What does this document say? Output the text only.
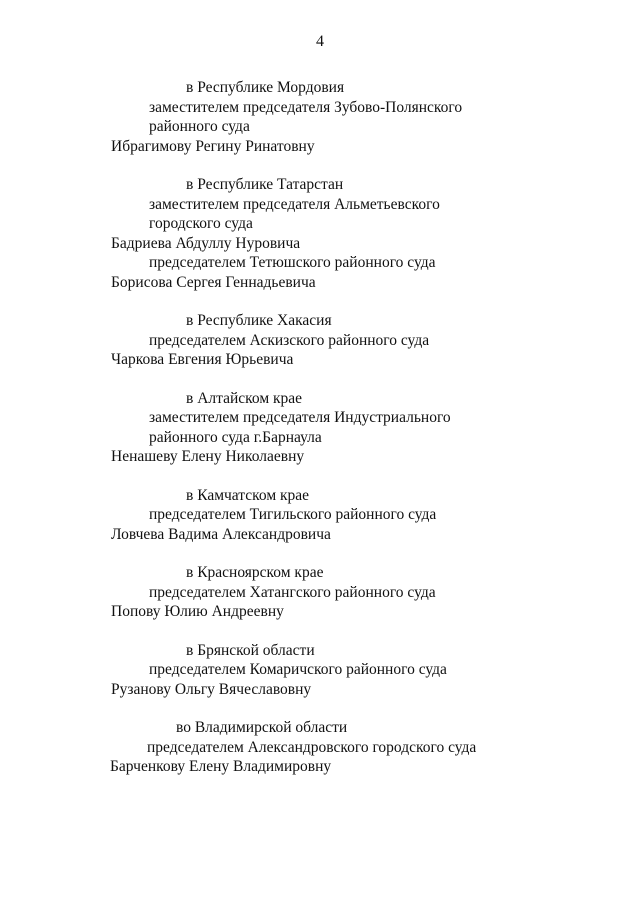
4
в Республике Мордовия
заместителем председателя Зубово-Полянского
районного суда
Ибрагимову Регину Ринатовну
в Республике Татарстан
заместителем председателя Альметьевского
городского суда
Бадриева Абдуллу Нуровича
председателем Тетюшского районного суда
Борисова Сергея Геннадьевича
в Республике Хакасия
председателем Аскизского районного суда
Чаркова Евгения Юрьевича
в Алтайском крае
заместителем председателя Индустриального
районного суда г.Барнаула
Ненашеву Елену Николаевну
в Камчатском крае
председателем Тигильского районного суда
Ловчева Вадима Александровича
в Красноярском крае
председателем Хатангского районного суда
Попову Юлию Андреевну
в Брянской области
председателем Комаричского районного суда
Рузанову Ольгу Вячеславовну
во Владимирской области
председателем Александровского городского суда
Барченкову Елену Владимировну
